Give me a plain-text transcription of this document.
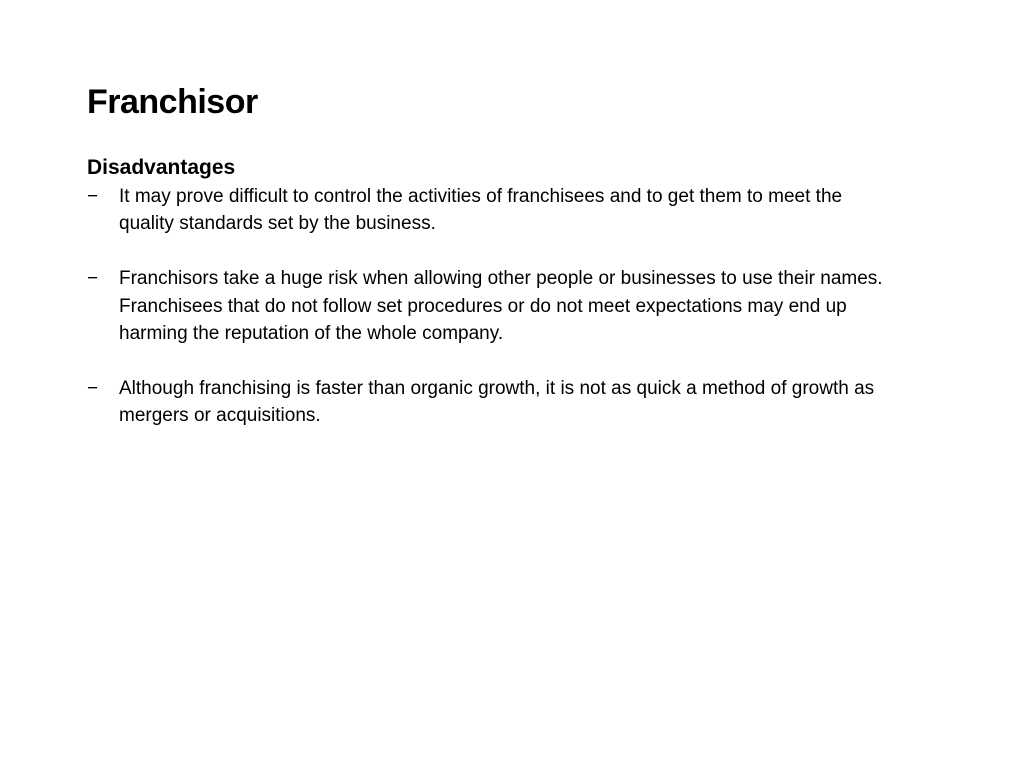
Franchisor
Disadvantages
−	It may prove difficult to control the activities of franchisees and to get them to meet the quality standards set by the business.
−	Franchisors take a huge risk when allowing other people or businesses to use their names. Franchisees that do not follow set procedures or do not meet expectations may end up harming the reputation of the whole company.
−	Although franchising is faster than organic growth, it is not as quick a method of growth as mergers or acquisitions.
